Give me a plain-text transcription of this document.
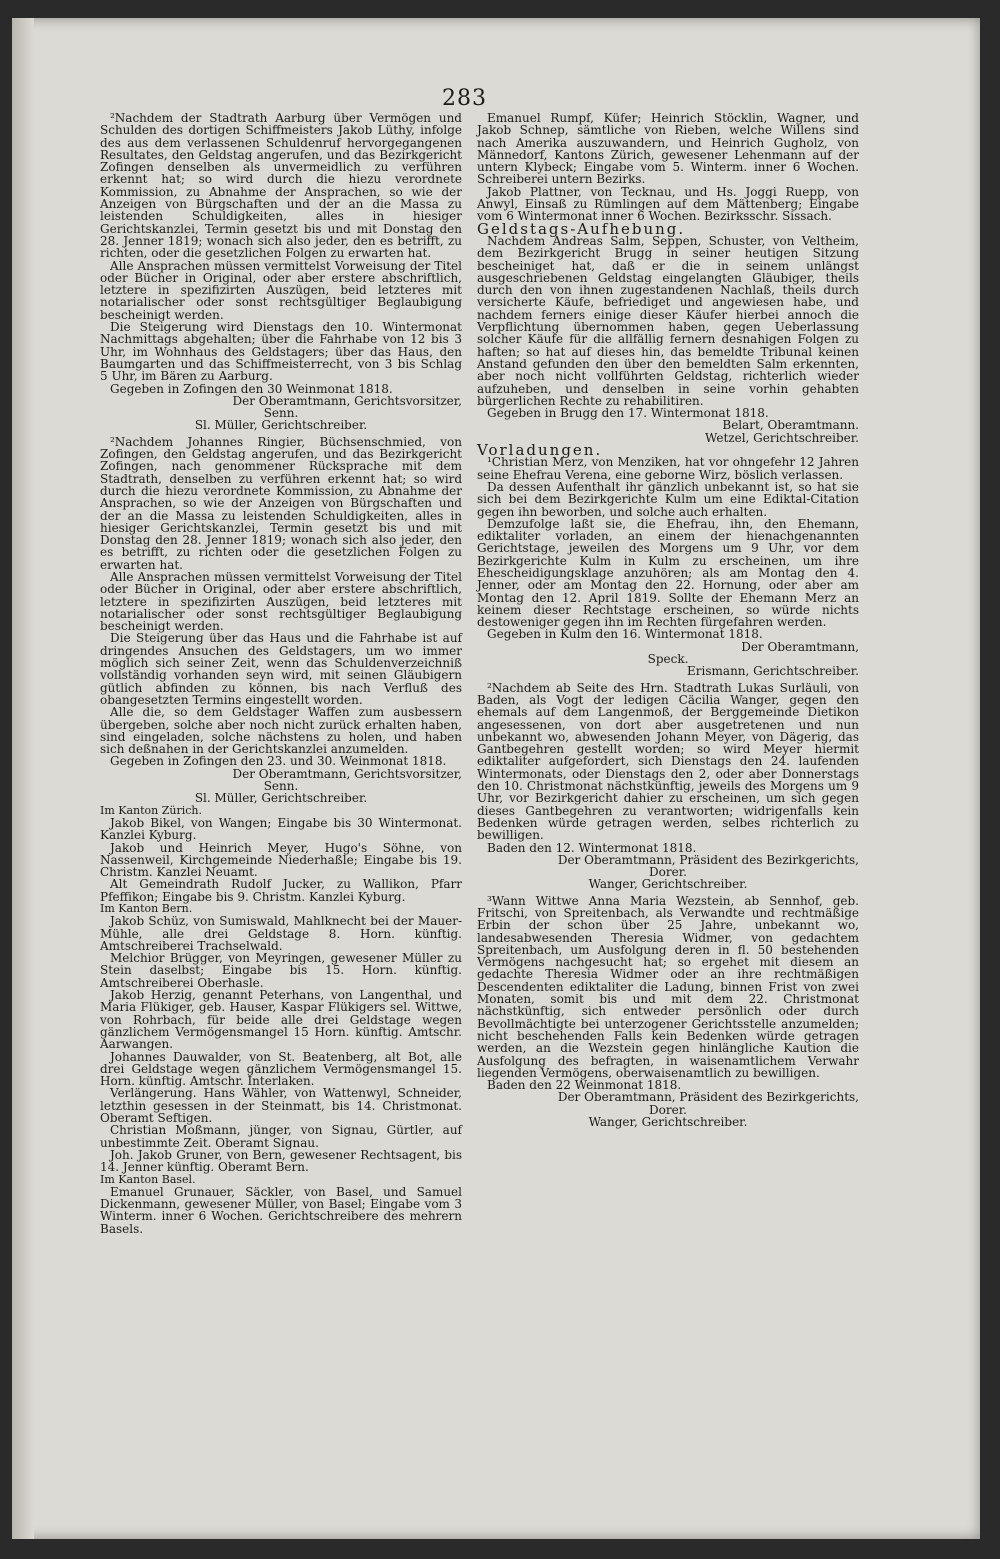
283

²Nachdem der Stadtrath Aarburg über Vermögen und Schulden des dortigen Schiffmeisters Jakob Lüthy, infolge des aus dem verlassenen Schuldenruf hervorgegangenen Resultates, den Geldstag angerufen, und das Bezirkgericht Zofingen denselben als unvermeidlich zu verführen erkennt hat; so wird durch die hiezu verordnete Kommission, zu Abnahme der Ansprachen, so wie der Anzeigen von Bürgschaften und der an die Massa zu leistenden Schuldigkeiten, alles in hiesiger Gerichtskanzlei, Termin gesetzt bis und mit Donstag den 28. Jenner 1819; wonach sich also jeder, den es betrifft, zu richten, oder die gesetzlichen Folgen zu erwarten hat.

Alle Ansprachen müssen vermittelst Vorweisung der Titel oder Bücher in Original, oder aber erstere abschriftlich, letztere in spezifizirten Auszügen, beid letzteres mit notarialischer oder sonst rechtsgültiger Beglaubigung bescheinigt werden.

Die Steigerung wird Dienstags den 10. Wintermonat Nachmittags abgehalten; über die Fahrhabe von 12 bis 3 Uhr, im Wohnhaus des Geldstagers; über das Haus, den Baumgarten und das Schiffmeisterrecht, von 3 bis Schlag 5 Uhr, im Bären zu Aarburg.

Gegeben in Zofingen den 30 Weinmonat 1818.

Der Oberamtmann, Gerichtsvorsitzer,

Senn.

Sl. Müller, Gerichtschreiber.

²Nachdem Johannes Ringier, Büchsenschmied, von Zofingen, den Geldstag angerufen, und das Bezirkgericht Zofingen, nach genommener Rücksprache mit dem Stadtrath, denselben zu verführen erkennt hat; so wird durch die hiezu verordnete Kommission, zu Abnahme der Ansprachen, so wie der Anzeigen von Bürgschaften und der an die Massa zu leistenden Schuldigkeiten, alles in hiesiger Gerichtskanzlei, Termin gesetzt bis und mit Donstag den 28. Jenner 1819; wonach sich also jeder, den es betrifft, zu richten oder die gesetzlichen Folgen zu erwarten hat.

Alle Ansprachen müssen vermittelst Vorweisung der Titel oder Bücher in Original, oder aber erstere abschriftlich, letztere in spezifizirten Auszügen, beid letzteres mit notarialischer oder sonst rechtsgültiger Beglaubigung bescheinigt werden.

Die Steigerung über das Haus und die Fahrhabe ist auf dringendes Ansuchen des Geldstagers, um wo immer möglich sich seiner Zeit, wenn das Schuldenverzeichniß vollständig vorhanden seyn wird, mit seinen Gläubigern gütlich abfinden zu können, bis nach Verfluß des obangesetzten Termins eingestellt worden.

Alle die, so dem Geldstager Waffen zum ausbessern übergeben, solche aber noch nicht zurück erhalten haben, sind eingeladen, solche nächstens zu holen, und haben sich deßnahen in der Gerichtskanzlei anzumelden.

Gegeben in Zofingen den 23. und 30. Weinmonat 1818.

Der Oberamtmann, Gerichtsvorsitzer,

Senn.

Sl. Müller, Gerichtschreiber.

Im Kanton Zürich.

Jakob Bikel, von Wangen; Eingabe bis 30 Wintermonat. Kanzlei Kyburg.

Jakob und Heinrich Meyer, Hugo's Söhne, von Nassenweil, Kirchgemeinde Niederhaßle; Eingabe bis 19. Christm. Kanzlei Neuamt.

Alt Gemeindrath Rudolf Jucker, zu Wallikon, Pfarr Pfeffikon; Eingabe bis 9. Christm. Kanzlei Kyburg.

Im Kanton Bern.

Jakob Schüz, von Sumiswald, Mahlknecht bei der Mauer-Mühle, alle drei Geldstage 8. Horn. künftig. Amtschreiberei Trachselwald.

Melchior Brügger, von Meyringen, gewesener Müller zu Stein daselbst; Eingabe bis 15. Horn. künftig. Amtschreiberei Oberhasle.

Jakob Herzig, genannt Peterhans, von Langenthal, und Maria Flükiger, geb. Hauser, Kaspar Flükigers sel. Wittwe, von Rohrbach, für beide alle drei Geldstage wegen gänzlichem Vermögensmangel 15 Horn. künftig. Amtschr. Aarwangen.

Johannes Dauwalder, von St. Beatenberg, alt Bot, alle drei Geldstage wegen gänzlichem Vermögensmangel 15. Horn. künftig. Amtschr. Interlaken.

Verlängerung. Hans Wähler, von Wattenwyl, Schneider, letzthin gesessen in der Steinmatt, bis 14. Christmonat. Oberamt Seftigen.

Christian Moßmann, jünger, von Signau, Gürtler, auf unbestimmte Zeit. Oberamt Signau.

Joh. Jakob Gruner, von Bern, gewesener Rechtsagent, bis 14. Jenner künftig. Oberamt Bern.

Im Kanton Basel.

Emanuel Grunauer, Säckler, von Basel, und Samuel Dickenmann, gewesener Müller, von Basel; Eingabe vom 3 Winterm. inner 6 Wochen. Gerichtschreibere des mehrern Basels.

Emanuel Rumpf, Küfer; Heinrich Stöcklin, Wagner, und Jakob Schnep, sämtliche von Rieben, welche Willens sind nach Amerika auszuwandern, und Heinrich Gugholz, von Männedorf, Kantons Zürich, gewesener Lehenmann auf der untern Klybeck; Eingabe vom 5. Winterm. inner 6 Wochen. Schreiberei untern Bezirks.

Jakob Plattner, von Tecknau, und Hs. Joggi Ruepp, von Anwyl, Einsaß zu Rümlingen auf dem Mättenberg; Eingabe vom 6 Wintermonat inner 6 Wochen. Bezirksschr. Sissach.

Geldstags-Aufhebung.

Nachdem Andreas Salm, Seppen, Schuster, von Veltheim, dem Bezirkgericht Brugg in seiner heutigen Sitzung bescheiniget hat, daß er die in seinem unlängst ausgeschriebenen Geldstag eingelangten Gläubiger, theils durch den von ihnen zugestandenen Nachlaß, theils durch versicherte Käufe, befriediget und angewiesen habe, und nachdem ferners einige dieser Käufer hierbei annoch die Verpflichtung übernommen haben, gegen Ueberlassung solcher Käufe für die allfällig fernern desnahigen Folgen zu haften; so hat auf dieses hin, das bemeldte Tribunal keinen Anstand gefunden den über den bemeldten Salm erkennten, aber noch nicht vollführten Geldstag, richterlich wieder aufzuheben, und denselben in seine vorhin gehabten bürgerlichen Rechte zu rehabilitiren.

Gegeben in Brugg den 17. Wintermonat 1818.

Belart, Oberamtmann.

Wetzel, Gerichtschreiber.

Vorladungen.

¹Christian Merz, von Menziken, hat vor ohngefehr 12 Jahren seine Ehefrau Verena, eine geborne Wirz, böslich verlassen.

Da dessen Aufenthalt ihr gänzlich unbekannt ist, so hat sie sich bei dem Bezirkgerichte Kulm um eine Ediktal-Citation gegen ihn beworben, und solche auch erhalten.

Demzufolge laßt sie, die Ehefrau, ihn, den Ehemann, ediktaliter vorladen, an einem der hienachgenannten Gerichtstage, jeweilen des Morgens um 9 Uhr, vor dem Bezirkgerichte Kulm in Kulm zu erscheinen, um ihre Ehescheidigungsklage anzuhören; als am Montag den 4. Jenner, oder am Montag den 22. Hornung, oder aber am Montag den 12. April 1819. Sollte der Ehemann Merz an keinem dieser Rechtstage erscheinen, so würde nichts destoweniger gegen ihn im Rechten fürgefahren werden.

Gegeben in Kulm den 16. Wintermonat 1818.

Der Oberamtmann,

Speck.

Erismann, Gerichtschreiber.

²Nachdem ab Seite des Hrn. Stadtrath Lukas Surläuli, von Baden, als Vogt der ledigen Cäcilia Wanger, gegen den ehemals auf dem Langenmoß, der Berggemeinde Dietikon angesessenen, von dort aber ausgetretenen und nun unbekannt wo, abwesenden Johann Meyer, von Dägerig, das Gantbegehren gestellt worden; so wird Meyer hiermit ediktaliter aufgefordert, sich Dienstags den 24. laufenden Wintermonats, oder Dienstags den 2, oder aber Donnerstags den 10. Christmonat nächstkünftig, jeweils des Morgens um 9 Uhr, vor Bezirkgericht dahier zu erscheinen, um sich gegen dieses Gantbegehren zu verantworten; widrigenfalls kein Bedenken würde getragen werden, selbes richterlich zu bewilligen.

Baden den 12. Wintermonat 1818.

Der Oberamtmann, Präsident des Bezirkgerichts,

Dorer.

Wanger, Gerichtschreiber.

³Wann Wittwe Anna Maria Wezstein, ab Sennhof, geb. Fritschi, von Spreitenbach, als Verwandte und rechtmäßige Erbin der schon über 25 Jahre, unbekannt wo, landesabwesenden Theresia Widmer, von gedachtem Spreitenbach, um Ausfolgung deren in fl. 50 bestehenden Vermögens nachgesucht hat; so ergehet mit diesem an gedachte Theresia Widmer oder an ihre rechtmäßigen Descendenten ediktaliter die Ladung, binnen Frist von zwei Monaten, somit bis und mit dem 22. Christmonat nächstkünftig, sich entweder persönlich oder durch Bevollmächtigte bei unterzogener Gerichtsstelle anzumelden; nicht beschehenden Falls kein Bedenken würde getragen werden, an die Wezstein gegen hinlängliche Kaution die Ausfolgung des befragten, in waisenamtlichem Verwahr liegenden Vermögens, oberwaisenamtlich zu bewilligen.

Baden den 22 Weinmonat 1818.

Der Oberamtmann, Präsident des Bezirkgerichts,

Dorer.

Wanger, Gerichtschreiber.
